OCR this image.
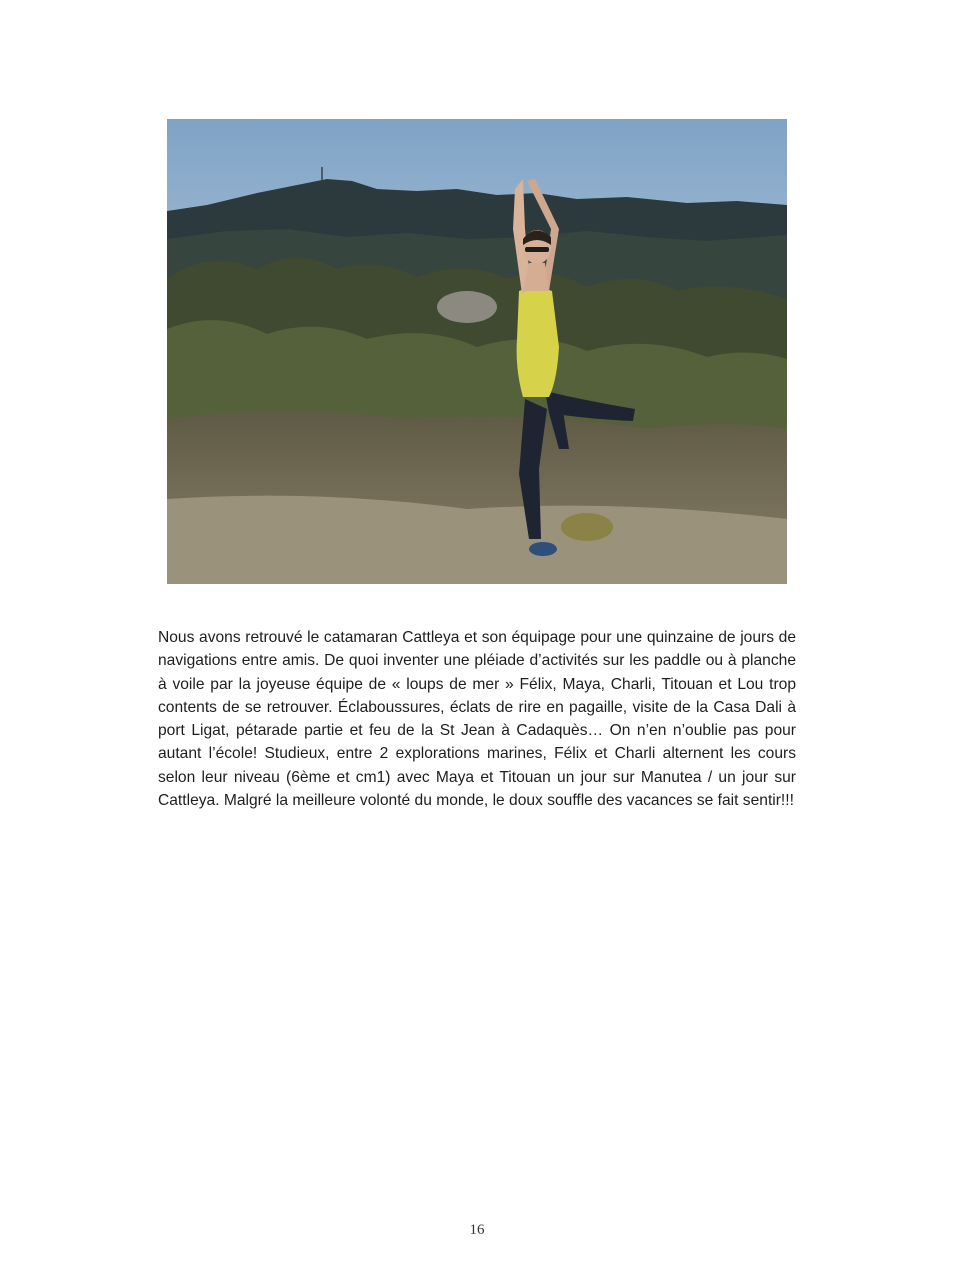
Nous avons retrouvé le catamaran Cattleya et son équipage pour une quinzaine de jours de navigations entre amis. De quoi inventer une pléiade d’activités sur les paddle ou à planche à voile par la joyeuse équipe de « loups de mer » Félix, Maya, Charli, Titouan et Lou trop contents de se retrouver. Éclaboussures, éclats de rire en pagaille, visite de la Casa Dali à port Ligat, pétarade partie et feu de la St Jean à Cadaquès… On n’en n’oublie pas pour autant l’école! Studieux, entre 2 explorations marines, Félix et Charli alternent les cours selon leur niveau (6ème et cm1) avec Maya et Titouan un jour sur Manutea / un jour sur Cattleya. Malgré la meilleure volonté du monde, le doux souffle des vacances se fait sentir!!!

16
